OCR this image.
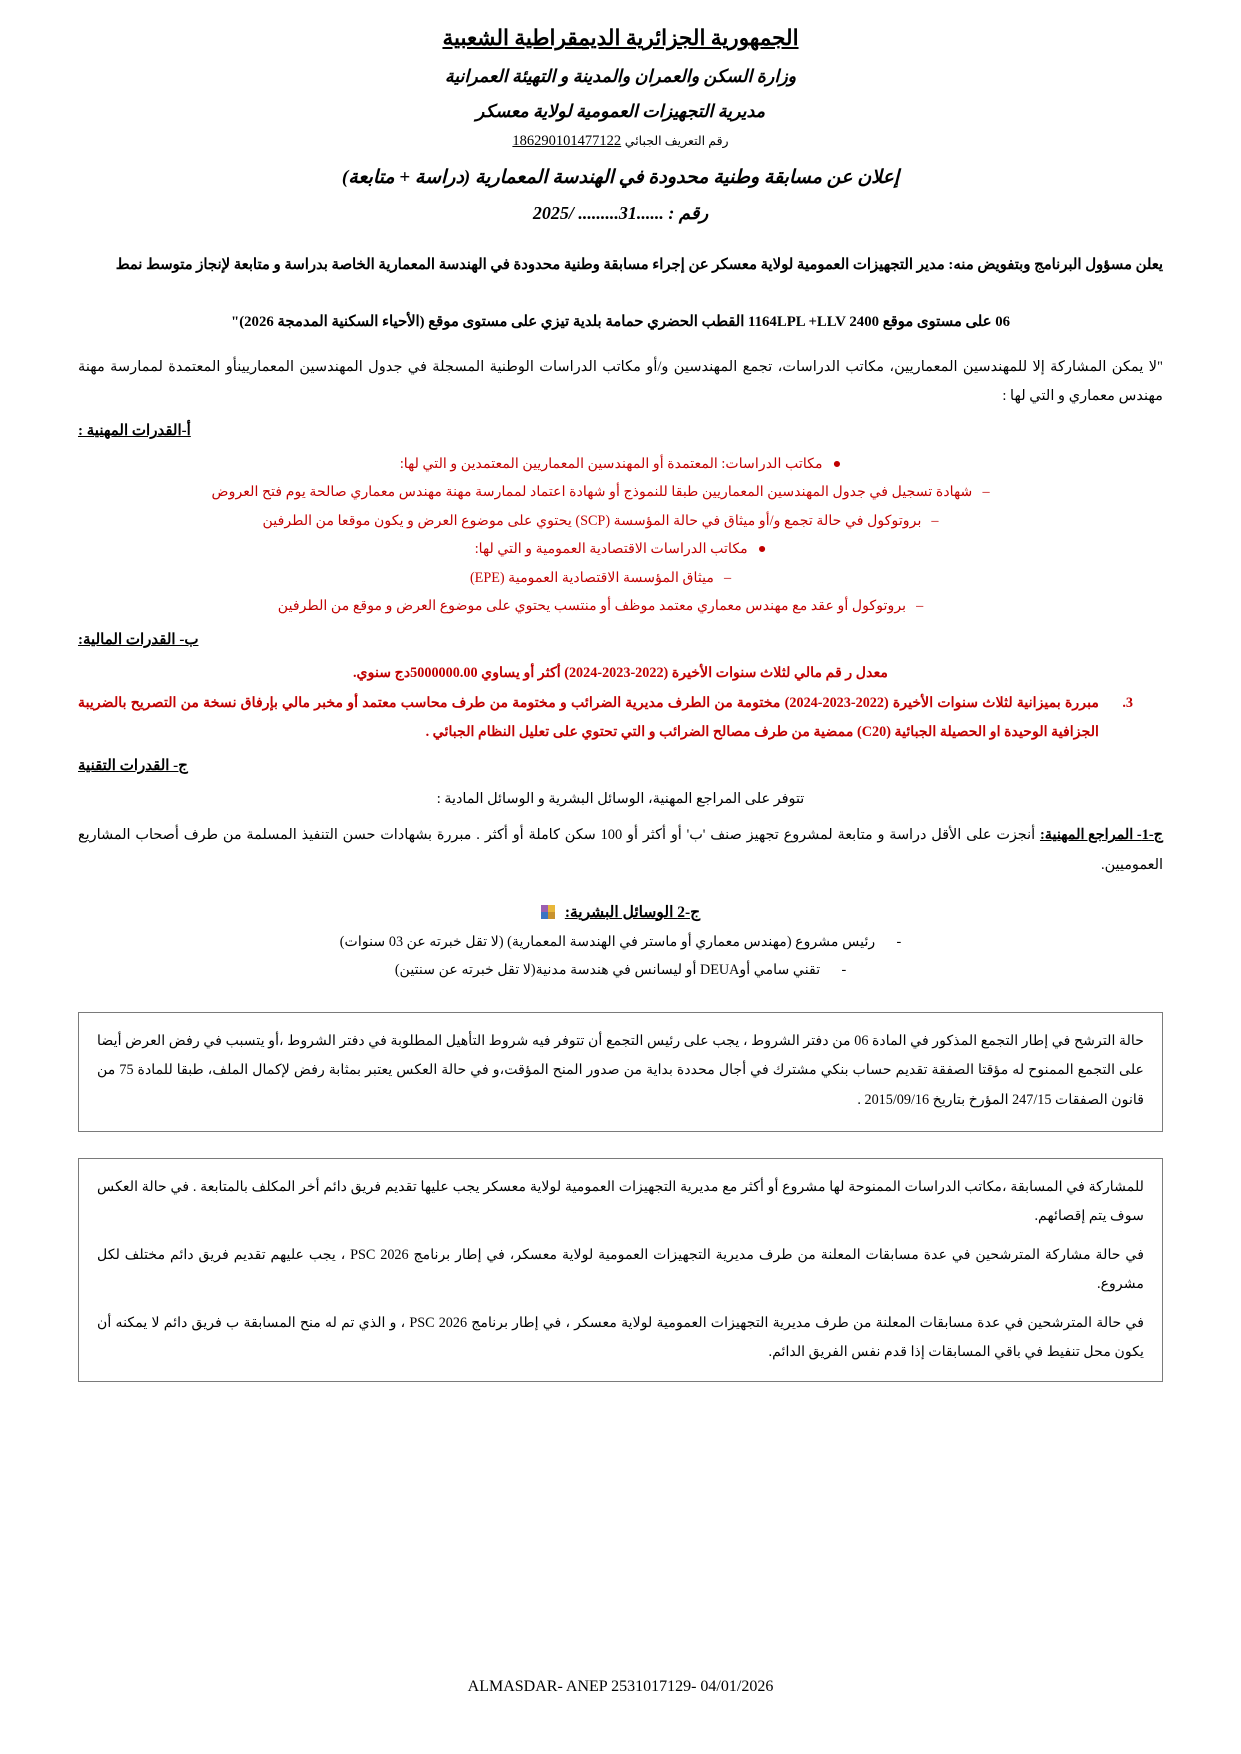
الجمهورية الجزائرية الديمقراطية الشعبية
وزارة السكن والعمران والمدينة و التهيئة العمرانية
مديرية التجهيزات العمومية لولاية معسكر
رقم التعريف الجبائي 186290101477122
إعلان عن مسابقة وطنية محدودة في الهندسة المعمارية (دراسة + متابعة)
رقم : ......31......... /2025

يعلن مسؤول البرنامج وبتفويض منه: مدير التجهيزات العمومية لولاية معسكر عن إجراء مسابقة وطنية محدودة في الهندسة المعمارية الخاصة بدراسة و متابعة لإنجاز متوسط نمط

06 على مستوى موقع 1164LPL +LLV 2400 القطب الحضري حمامة بلدية تيزي على مستوى موقع (الأحياء السكنية المدمجة 2026)"

"لا يمكن المشاركة إلا للمهندسين المعماريين، مكاتب الدراسات، تجمع المهندسين و/أو مكاتب الدراسات الوطنية المسجلة في جدول المهندسين المعماريينأو المعتمدة لممارسة مهنة مهندس معماري و التي لها :

أ-القدرات المهنية :
●
مكاتب الدراسات: المعتمدة أو المهندسين المعماريين المعتمدين و التي لها:
–
شهادة تسجيل في جدول المهندسين المعماريين طبقا للنموذج أو شهادة اعتماد لممارسة مهنة مهندس معماري صالحة يوم فتح العروض
–
بروتوكول في حالة تجمع و/أو ميثاق في حالة المؤسسة (SCP) يحتوي على موضوع العرض و يكون موقعا من الطرفين
●
مكاتب الدراسات الاقتصادية العمومية و التي لها:
–
ميثاق المؤسسة الاقتصادية العمومية (EPE)
–
بروتوكول أو عقد مع مهندس معماري معتمد موظف أو منتسب يحتوي على موضوع العرض و موقع من الطرفين
ب- القدرات المالية:
معدل ر قم مالي لثلاث سنوات الأخيرة (2022-2023-2024) أكثر أو يساوي 5000000.00دج سنوي.
3.
مبررة بميزانية لثلاث سنوات الأخيرة (2022-2023-2024) مختومة من الطرف مديرية الضرائب و مختومة من طرف محاسب معتمد أو مخبر مالي بإرفاق نسخة من التصريح بالضريبة الجزافية الوحيدة او الحصيلة الجبائية (C20) ممضية من طرف مصالح الضرائب و التي تحتوي على تعليل النظام الجبائي .
ج- القدرات التقنية
تتوفر على المراجع المهنية، الوسائل البشرية و الوسائل المادية :

ج-1- المراجع المهنية: أنجزت على الأقل دراسة و متابعة لمشروع تجهيز صنف 'ب' أو أكثر أو 100 سكن كاملة أو أكثر . مبررة بشهادات حسن التنفيذ المسلمة من طرف أصحاب المشاريع العموميين.

ج-2 الوسائل البشرية:
-
رئيس مشروع (مهندس معماري أو ماستر في الهندسة المعمارية) (لا تقل خبرته عن 03 سنوات)
-
تقني سامي أوDEUA أو ليسانس في هندسة مدنية(لا تقل خبرته عن سنتين)

حالة الترشح في إطار التجمع المذكور في المادة 06 من دفتر الشروط ، يجب على رئيس التجمع أن تتوفر فيه شروط التأهيل المطلوبة في دفتر الشروط ،أو يتسبب في رفض العرض أيضا على التجمع الممنوح له مؤقتا الصفقة تقديم حساب بنكي مشترك في أجال محددة بداية من صدور المنح المؤقت،و في حالة العكس يعتبر بمثابة رفض لإكمال الملف، طبقا للمادة 75 من قانون الصفقات 247/15 المؤرخ بتاريخ 2015/09/16 .

للمشاركة في المسابقة ،مكاتب الدراسات الممنوحة لها مشروع أو أكثر مع مديرية التجهيزات العمومية لولاية معسكر يجب عليها تقديم فريق دائم أخر المكلف بالمتابعة . في حالة العكس سوف يتم إقصائهم.

في حالة مشاركة المترشحين في عدة مسابقات المعلنة من طرف مديرية التجهيزات العمومية لولاية معسكر، في إطار برنامج PSC 2026 ، يجب عليهم تقديم فريق دائم مختلف لكل مشروع.

في حالة المترشحين في عدة مسابقات المعلنة من طرف مديرية التجهيزات العمومية لولاية معسكر ، في إطار برنامج PSC 2026 ، و الذي تم له منح المسابقة ب فريق دائم لا يمكنه أن يكون محل تنفيط في باقي المسابقات إذا قدم نفس الفريق الدائم.

ALMASDAR- ANEP 2531017129- 04/01/2026
